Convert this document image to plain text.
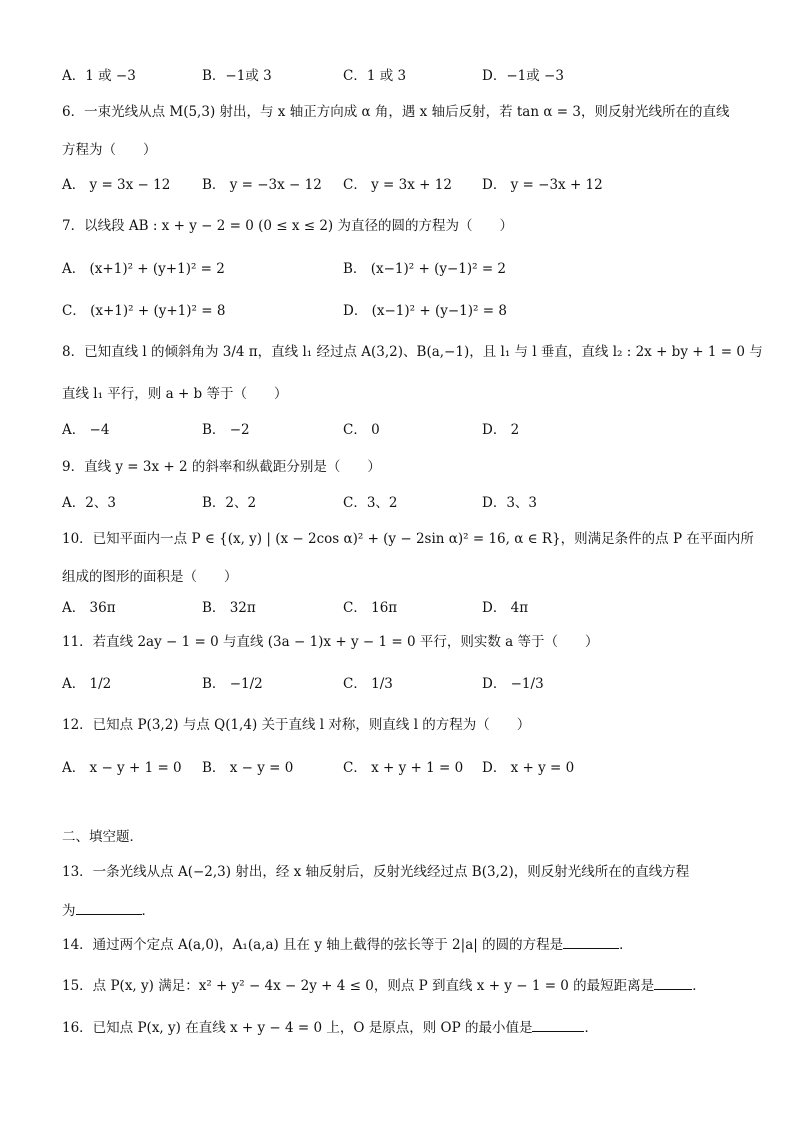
A．1 或 −3	B．−1或 3	C．1 或 3	D．−1或 −3
6．一束光线从点 M(5,3) 射出，与 x 轴正方向成 α 角，遇 x 轴后反射，若 tan α = 3，则反射光线所在的直线
方程为（　　）
A． y = 3x − 12 B． y = −3x − 12 C． y = 3x + 12 D． y = −3x + 12
7．以线段 AB : x + y − 2 = 0 (0 ≤ x ≤ 2) 为直径的圆的方程为（　　）
A． (x+1)² + (y+1)² = 2	B． (x−1)² + (y−1)² = 2
C． (x+1)² + (y+1)² = 8	D． (x−1)² + (y−1)² = 8
8．已知直线 l 的倾斜角为 3/4 π，直线 l₁ 经过点 A(3,2)、B(a,−1)，且 l₁ 与 l 垂直，直线 l₂ : 2x + by + 1 = 0 与
直线 l₁ 平行，则 a + b 等于（　　）
A． −4	B． −2	C． 0	D． 2
9．直线 y = 3x + 2 的斜率和纵截距分别是（　　）
A．2、3	B．2、2	C．3、2	D．3、3
10．已知平面内一点 P ∈ {(x, y) | (x − 2cos α)² + (y − 2sin α)² = 16, α ∈ R}，则满足条件的点 P 在平面内所
组成的图形的面积是（　　）
A． 36π	B． 32π	C． 16π	D． 4π
11．若直线 2ay − 1 = 0 与直线 (3a − 1)x + y − 1 = 0 平行，则实数 a 等于（　　）
A． 1/2	B． −1/2	C． 1/3	D． −1/3
12．已知点 P(3,2) 与点 Q(1,4) 关于直线 l 对称，则直线 l 的方程为（　　）
A． x − y + 1 = 0 B． x − y = 0	C． x + y + 1 = 0 D． x + y = 0
二、填空题．
13．一条光线从点 A(−2,3) 射出，经 x 轴反射后，反射光线经过点 B(3,2)，则反射光线所在的直线方程
为	．
14．通过两个定点 A(a,0)，A₁(a,a) 且在 y 轴上截得的弦长等于 2|a| 的圆的方程是	．
15．点 P(x, y) 满足：x² + y² − 4x − 2y + 4 ≤ 0，则点 P 到直线 x + y − 1 = 0 的最短距离是	．
16．已知点 P(x, y) 在直线 x + y − 4 = 0 上，O 是原点，则 OP 的最小值是	．
